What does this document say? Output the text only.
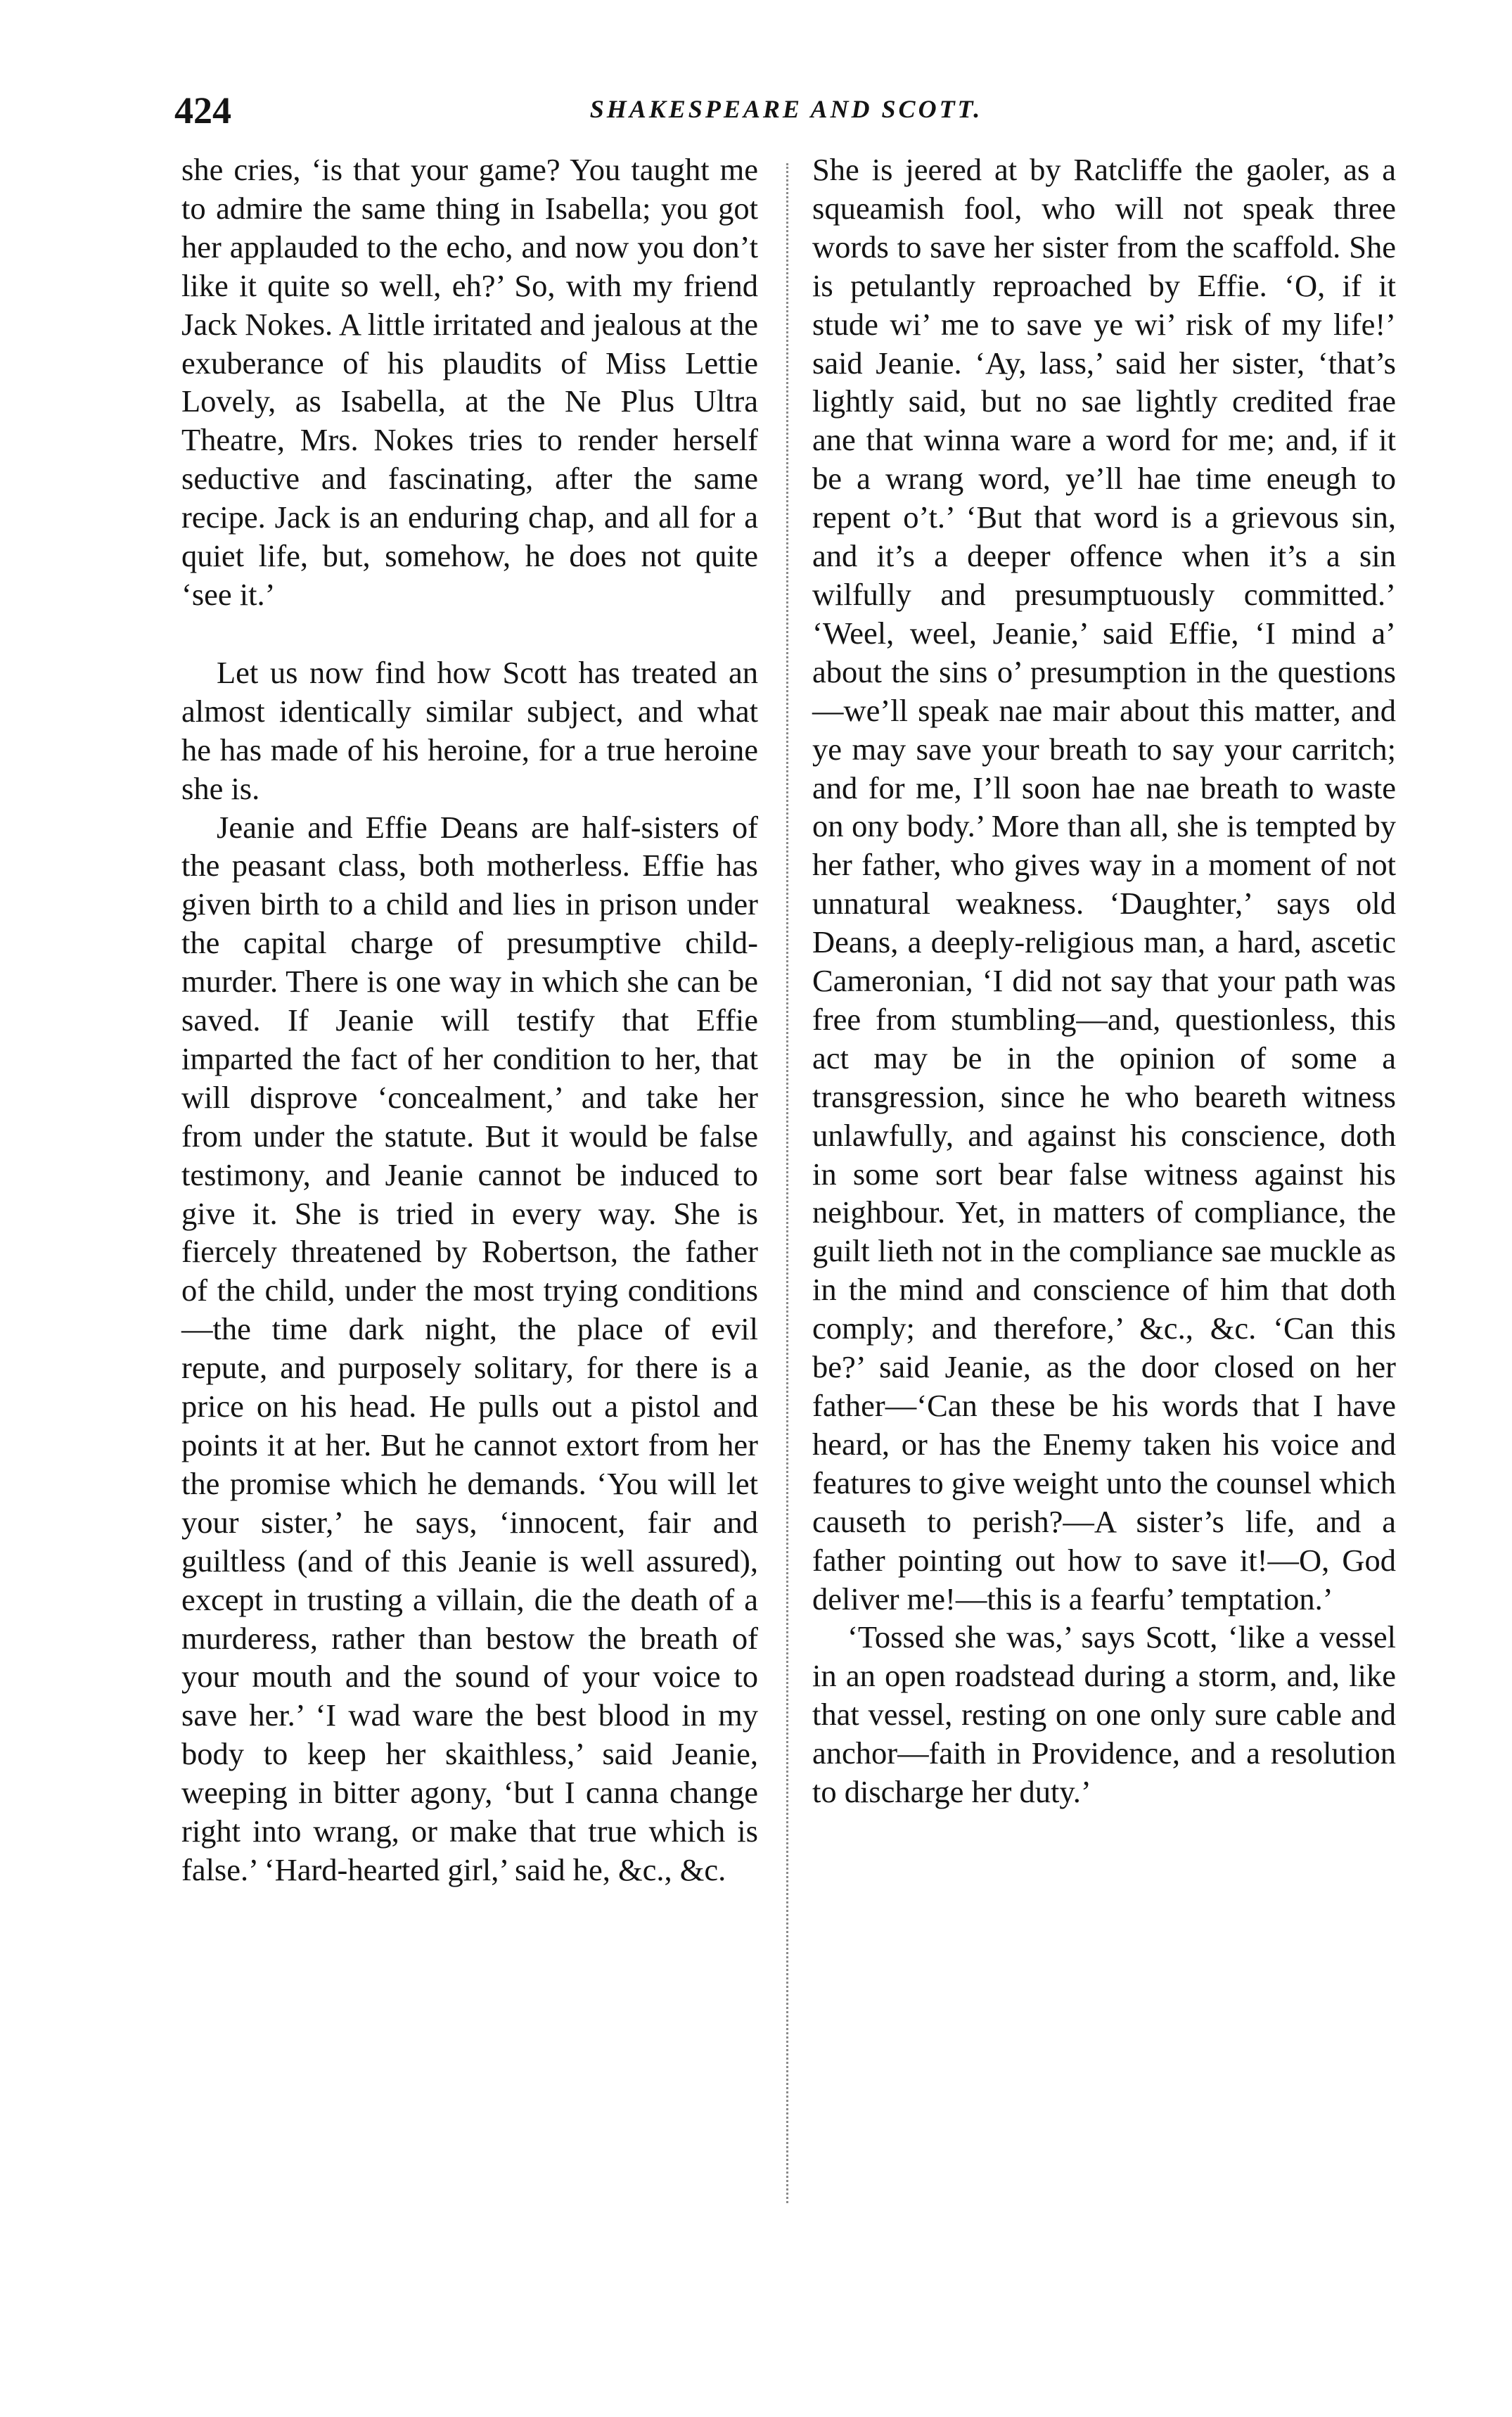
424	SHAKESPEARE AND SCOTT.

she cries, ‘is that your game? You taught me to admire the same thing in Isabella; you got her applauded to the echo, and now you don’t like it quite so well, eh?’ So, with my friend Jack Nokes. A little irritated and jealous at the exuberance of his plaudits of Miss Lettie Lovely, as Isabella, at the Ne Plus Ultra Theatre, Mrs. Nokes tries to render herself seductive and fascinating, after the same recipe. Jack is an enduring chap, and all for a quiet life, but, somehow, he does not quite ‘see it.’

Let us now find how Scott has treated an almost identically similar subject, and what he has made of his heroine, for a true heroine she is.

Jeanie and Effie Deans are half-sisters of the peasant class, both motherless. Effie has given birth to a child and lies in prison under the capital charge of presumptive child-murder. There is one way in which she can be saved. If Jeanie will testify that Effie imparted the fact of her condition to her, that will disprove ‘concealment,’ and take her from under the statute. But it would be false testimony, and Jeanie cannot be induced to give it. She is tried in every way. She is fiercely threatened by Robertson, the father of the child, under the most trying conditions—the time dark night, the place of evil repute, and purposely solitary, for there is a price on his head. He pulls out a pistol and points it at her. But he cannot extort from her the promise which he demands. ‘You will let your sister,’ he says, ‘innocent, fair and guiltless (and of this Jeanie is well assured), except in trusting a villain, die the death of a murderess, rather than bestow the breath of your mouth and the sound of your voice to save her.’ ‘I wad ware the best blood in my body to keep her skaithless,’ said Jeanie, weeping in bitter agony, ‘but I canna change right into wrang, or make that true which is false.’ ‘Hard-hearted girl,’ said he, &c., &c.

She is jeered at by Ratcliffe the gaoler, as a squeamish fool, who will not speak three words to save her sister from the scaffold. She is petulantly reproached by Effie. ‘O, if it stude wi’ me to save ye wi’ risk of my life!’ said Jeanie. ‘Ay, lass,’ said her sister, ‘that’s lightly said, but no sae lightly credited frae ane that winna ware a word for me; and, if it be a wrang word, ye’ll hae time eneugh to repent o’t.’ ‘But that word is a grievous sin, and it’s a deeper offence when it’s a sin wilfully and presumptuously committed.’ ‘Weel, weel, Jeanie,’ said Effie, ‘I mind a’ about the sins o’ presumption in the questions—we’ll speak nae mair about this matter, and ye may save your breath to say your carritch; and for me, I’ll soon hae nae breath to waste on ony body.’ More than all, she is tempted by her father, who gives way in a moment of not unnatural weakness. ‘Daughter,’ says old Deans, a deeply-religious man, a hard, ascetic Cameronian, ‘I did not say that your path was free from stumbling—and, questionless, this act may be in the opinion of some a transgression, since he who beareth witness unlawfully, and against his conscience, doth in some sort bear false witness against his neighbour. Yet, in matters of compliance, the guilt lieth not in the compliance sae muckle as in the mind and conscience of him that doth comply; and therefore,’ &c., &c. ‘Can this be?’ said Jeanie, as the door closed on her father—‘Can these be his words that I have heard, or has the Enemy taken his voice and features to give weight unto the counsel which causeth to perish?—A sister’s life, and a father pointing out how to save it!—O, God deliver me!—this is a fearfu’ temptation.’

‘Tossed she was,’ says Scott, ‘like a vessel in an open roadstead during a storm, and, like that vessel, resting on one only sure cable and anchor—faith in Providence, and a resolution to discharge her duty.’
